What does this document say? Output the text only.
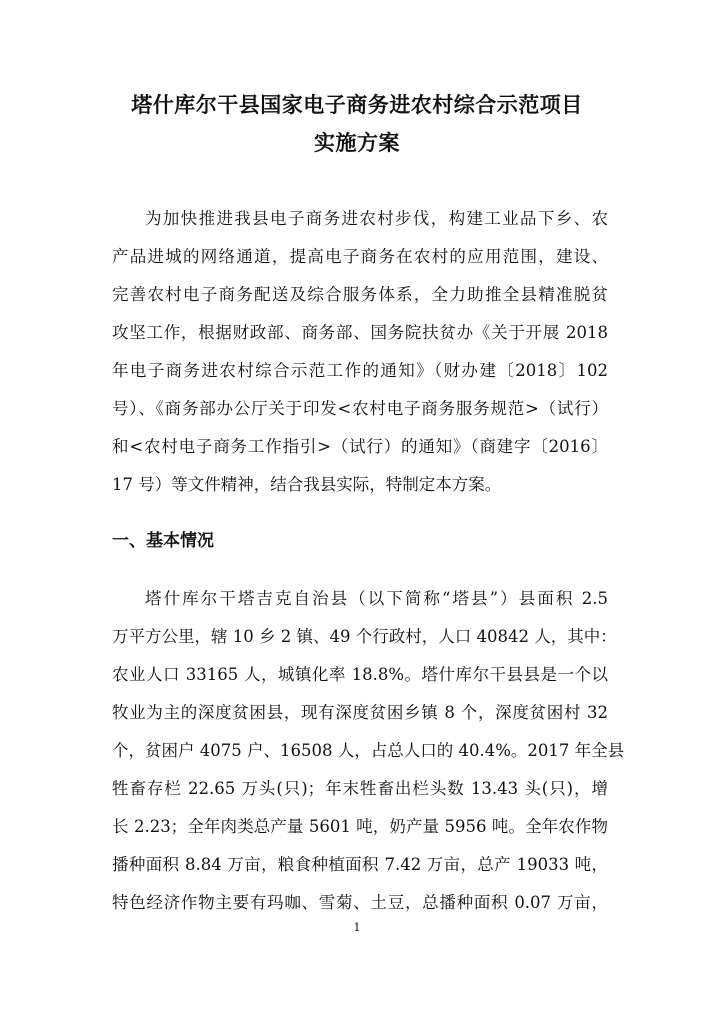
塔什库尔干县国家电子商务进农村综合示范项目
实施方案
为加快推进我县电子商务进农村步伐，构建工业品下乡、农
产品进城的网络通道，提高电子商务在农村的应用范围，建设、
完善农村电子商务配送及综合服务体系，全力助推全县精准脱贫
攻坚工作，根据财政部、商务部、国务院扶贫办《关于开展 2018
年电子商务进农村综合示范工作的通知》（财办建〔2018〕102
号）、《商务部办公厅关于印发<农村电子商务服务规范>（试行）
和<农村电子商务工作指引>（试行）的通知》（商建字〔2016〕
17 号）等文件精神，结合我县实际，特制定本方案。
一、基本情况
塔什库尔干塔吉克自治县（以下简称“塔县”）县面积 2.5
万平方公里，辖 10 乡 2 镇、49 个行政村，人口 40842 人，其中：
农业人口 33165 人，城镇化率 18.8%。塔什库尔干县县是一个以
牧业为主的深度贫困县，现有深度贫困乡镇 8 个，深度贫困村 32
个，贫困户 4075 户、16508 人，占总人口的 40.4%。2017 年全县
牲畜存栏 22.65 万头(只)；年末牲畜出栏头数 13.43 头(只)，增
长 2.23；全年肉类总产量 5601 吨，奶产量 5956 吨。全年农作物
播种面积 8.84 万亩，粮食种植面积 7.42 万亩，总产 19033 吨，
特色经济作物主要有玛咖、雪菊、土豆，总播种面积 0.07 万亩，
1
